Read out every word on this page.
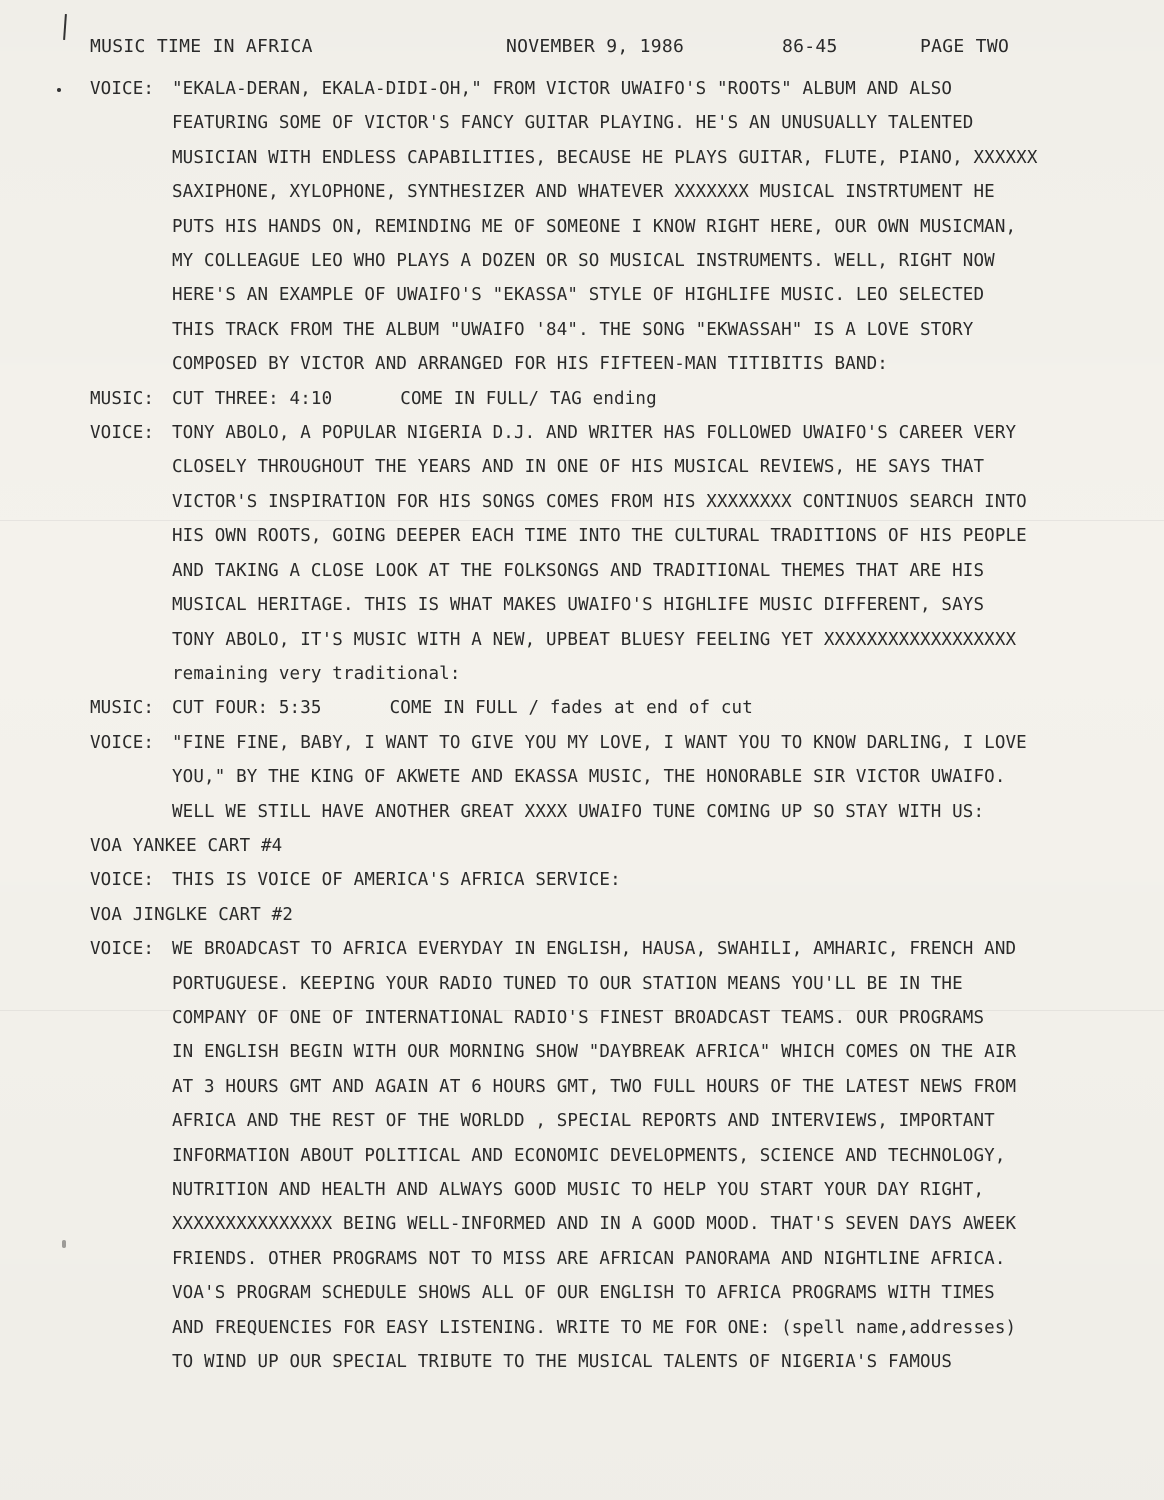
MUSIC TIME IN AFRICA	NOVEMBER 9, 1986	86-45	PAGE TWO
VOICE:	"EKALA-DERAN, EKALA-DIDI-OH," FROM VICTOR UWAIFO'S "ROOTS" ALBUM AND ALSO
FEATURING SOME OF VICTOR'S FANCY GUITAR PLAYING. HE'S AN UNUSUALLY TALENTED
MUSICIAN WITH ENDLESS CAPABILITIES, BECAUSE HE PLAYS GUITAR, FLUTE, PIANO, XXXXXX
SAXIPHONE, XYLOPHONE, SYNTHESIZER AND WHATEVER XXXXXXX MUSICAL INSTRTUMENT HE
PUTS HIS HANDS ON, REMINDING ME OF SOMEONE I KNOW RIGHT HERE, OUR OWN MUSICMAN,
MY COLLEAGUE LEO WHO PLAYS A DOZEN OR SO MUSICAL INSTRUMENTS. WELL, RIGHT NOW
HERE'S AN EXAMPLE OF UWAIFO'S "EKASSA" STYLE OF HIGHLIFE MUSIC. LEO SELECTED
THIS TRACK FROM THE ALBUM "UWAIFO '84". THE SONG "EKWASSAH" IS A LOVE STORY
COMPOSED BY VICTOR AND ARRANGED FOR HIS FIFTEEN-MAN TITIBITIS BAND:
MUSIC:	CUT THREE: 4:10	COME IN FULL/ TAG ending
VOICE:	TONY ABOLO, A POPULAR NIGERIA D.J. AND WRITER HAS FOLLOWED UWAIFO'S CAREER VERY
CLOSELY THROUGHOUT THE YEARS AND IN ONE OF HIS MUSICAL REVIEWS, HE SAYS THAT
VICTOR'S INSPIRATION FOR HIS SONGS COMES FROM HIS XXXXXXXX CONTINUOS SEARCH INTO
HIS OWN ROOTS, GOING DEEPER EACH TIME INTO THE CULTURAL TRADITIONS OF HIS PEOPLE
AND TAKING A CLOSE LOOK AT THE FOLKSONGS AND TRADITIONAL THEMES THAT ARE HIS
MUSICAL HERITAGE. THIS IS WHAT MAKES UWAIFO'S HIGHLIFE MUSIC DIFFERENT, SAYS
TONY ABOLO, IT'S MUSIC WITH A NEW, UPBEAT BLUESY FEELING YET XXXXXXXXXXXXXXXXXX
remaining very traditional:
MUSIC:	CUT FOUR: 5:35	COME IN FULL / fades at end of cut
VOICE:	"FINE FINE, BABY, I WANT TO GIVE YOU MY LOVE, I WANT YOU TO KNOW DARLING, I LOVE
YOU," BY THE KING OF AKWETE AND EKASSA MUSIC, THE HONORABLE SIR VICTOR UWAIFO.
WELL WE STILL HAVE ANOTHER GREAT XXXX UWAIFO TUNE COMING UP SO STAY WITH US:
VOA YANKEE CART #4
VOICE:	THIS IS VOICE OF AMERICA'S AFRICA SERVICE:
VOA JINGLKE CART #2
VOICE:	WE BROADCAST TO AFRICA EVERYDAY IN ENGLISH, HAUSA, SWAHILI, AMHARIC, FRENCH AND
PORTUGUESE. KEEPING YOUR RADIO TUNED TO OUR STATION MEANS YOU'LL BE IN THE
COMPANY OF ONE OF INTERNATIONAL RADIO'S FINEST BROADCAST TEAMS. OUR PROGRAMS
IN ENGLISH BEGIN WITH OUR MORNING SHOW "DAYBREAK AFRICA" WHICH COMES ON THE AIR
AT 3 HOURS GMT AND AGAIN AT 6 HOURS GMT, TWO FULL HOURS OF THE LATEST NEWS FROM
AFRICA AND THE REST OF THE WORLDD , SPECIAL REPORTS AND INTERVIEWS, IMPORTANT
INFORMATION ABOUT POLITICAL AND ECONOMIC DEVELOPMENTS, SCIENCE AND TECHNOLOGY,
NUTRITION AND HEALTH AND ALWAYS GOOD MUSIC TO HELP YOU START YOUR DAY RIGHT,
XXXXXXXXXXXXXXX BEING WELL-INFORMED AND IN A GOOD MOOD. THAT'S SEVEN DAYS AWEEK
FRIENDS. OTHER PROGRAMS NOT TO MISS ARE AFRICAN PANORAMA AND NIGHTLINE AFRICA.
VOA'S PROGRAM SCHEDULE SHOWS ALL OF OUR ENGLISH TO AFRICA PROGRAMS WITH TIMES
AND FREQUENCIES FOR EASY LISTENING. WRITE TO ME FOR ONE: (spell name,addresses)
TO WIND UP OUR SPECIAL TRIBUTE TO THE MUSICAL TALENTS OF NIGERIA'S FAMOUS
